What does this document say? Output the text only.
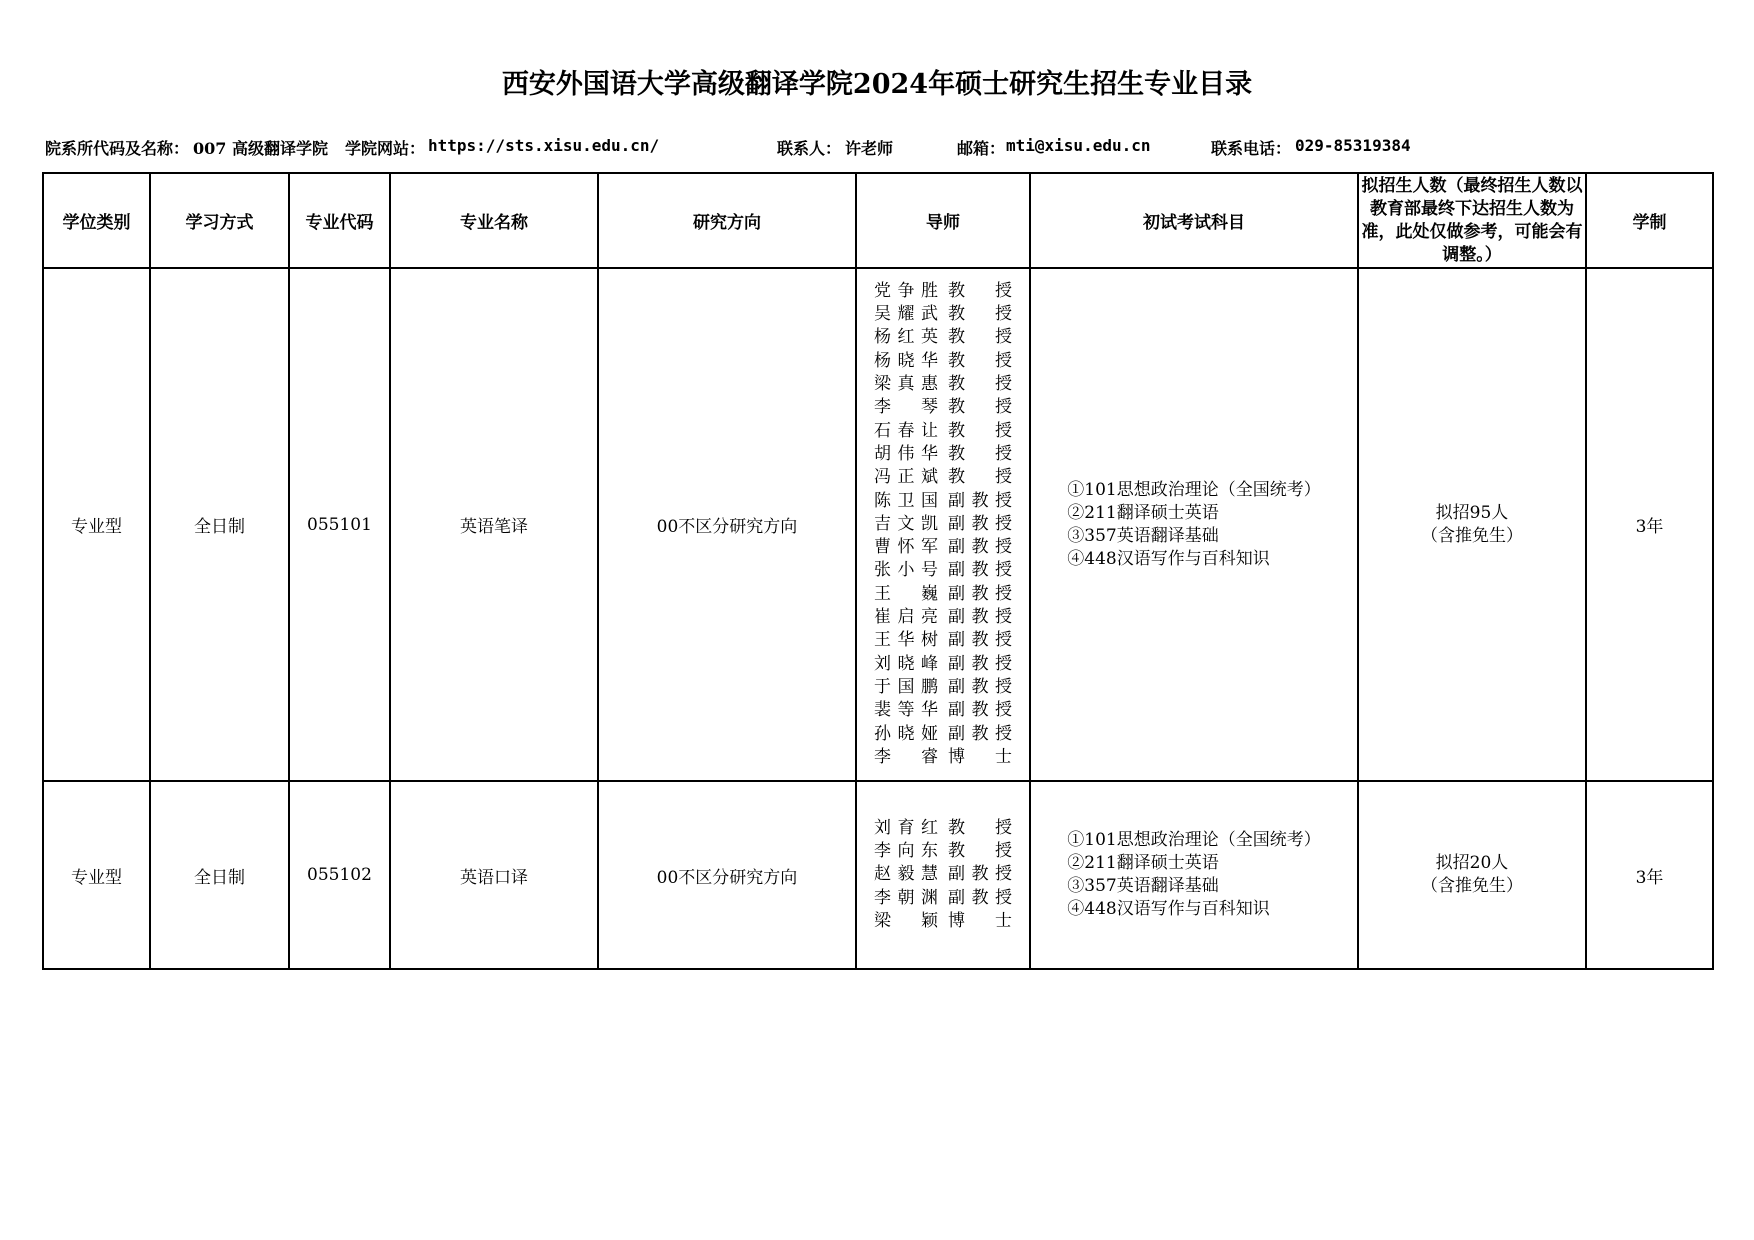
西安外国语大学高级翻译学院2024年硕士研究生招生专业目录
院系所代码及名称： 007 高级翻译学院 学院网站： https://sts.xisu.edu.cn/	联系人： 许老师	邮箱： mti@xisu.edu.cn	联系电话： 029-85319384
学位类别	学习方式	专业代码	专业名称	研究方向	导师	初试考试科目	拟招生人数（最终招生人数以教育部最终下达招生人数为准，此处仅做参考，可能会有调整。）	学制
专业型	全日制	055101	英语笔译	00不区分研究方向	
党争胜 教 授
吴耀武 教 授
杨红英 教 授
杨晓华 教 授
梁真惠 教 授
李 琴 教 授
石春让 教 授
胡伟华 教 授
冯正斌 教 授
陈卫国 副教授
吉文凯 副教授
曹怀军 副教授
张小号 副教授
王 巍 副教授
崔启亮 副教授
王华树 副教授
刘晓峰 副教授
于国鹏 副教授
裴等华 副教授
孙晓娅 副教授
李 睿 博 士

①101思想政治理论（全国统考）
②211翻译硕士英语
③357英语翻译基础
④448汉语写作与百科知识

拟招95人
（含推免生）	3年
专业型	全日制	055102	英语口译	00不区分研究方向	
刘育红 教 授
李向东 教 授
赵毅慧 副教授
李朝渊 副教授
梁 颖 博 士

①101思想政治理论（全国统考）
②211翻译硕士英语
③357英语翻译基础
④448汉语写作与百科知识

拟招20人
（含推免生）	3年
